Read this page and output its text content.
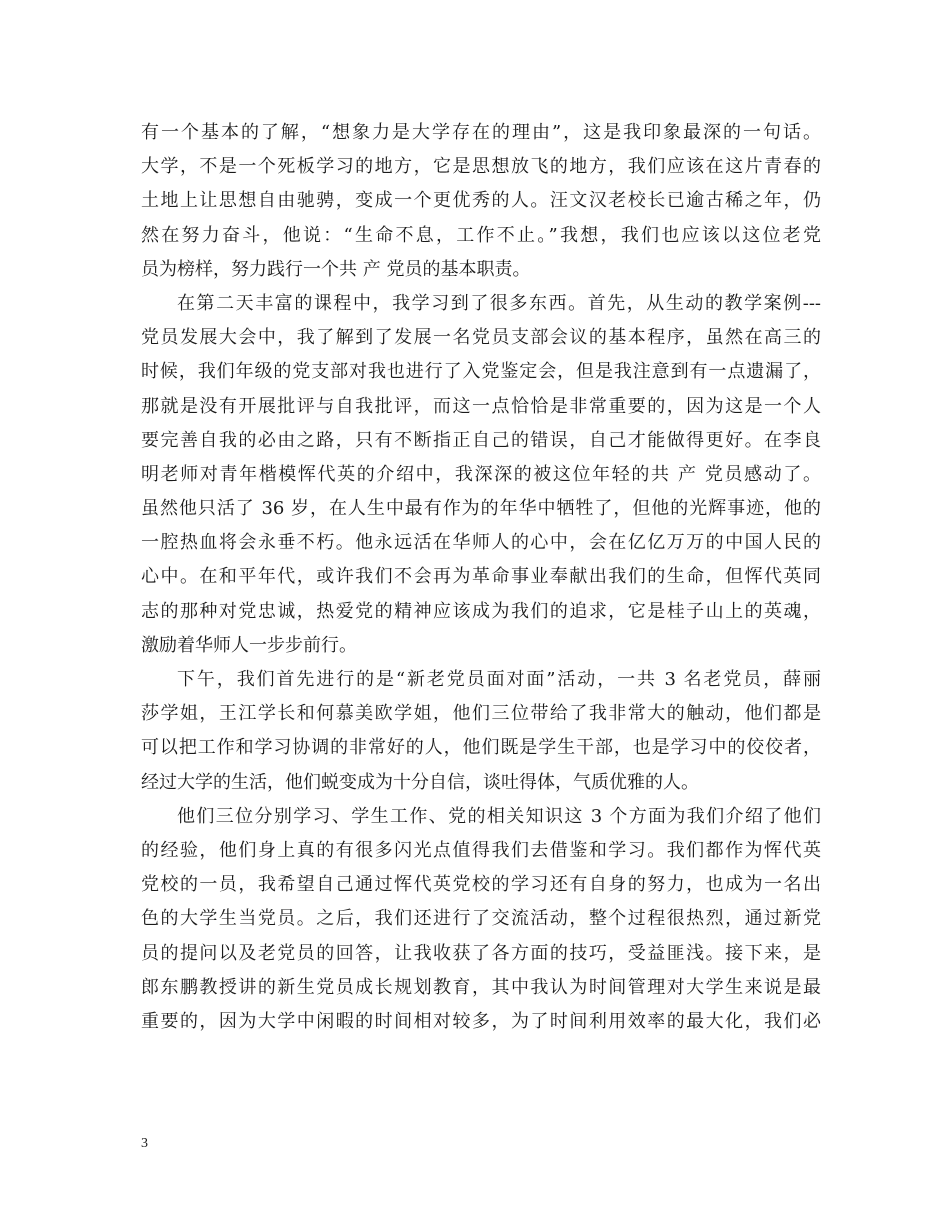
有一个基本的了解，“想象力是大学存在的理由”，这是我印象最深的一句话。
大学，不是一个死板学习的地方，它是思想放飞的地方，我们应该在这片青春的
土地上让思想自由驰骋，变成一个更优秀的人。汪文汉老校长已逾古稀之年，仍
然在努力奋斗，他说：“生命不息，工作不止。”我想，我们也应该以这位老党
员为榜样，努力践行一个共 产 党员的基本职责。
在第二天丰富的课程中，我学习到了很多东西。首先，从生动的教学案例---
党员发展大会中，我了解到了发展一名党员支部会议的基本程序，虽然在高三的
时候，我们年级的党支部对我也进行了入党鉴定会，但是我注意到有一点遗漏了，
那就是没有开展批评与自我批评，而这一点恰恰是非常重要的，因为这是一个人
要完善自我的必由之路，只有不断指正自己的错误，自己才能做得更好。在李良
明老师对青年楷模恽代英的介绍中，我深深的被这位年轻的共 产 党员感动了。
虽然他只活了 36 岁，在人生中最有作为的年华中牺牲了，但他的光辉事迹，他的
一腔热血将会永垂不朽。他永远活在华师人的心中，会在亿亿万万的中国人民的
心中。在和平年代，或许我们不会再为革命事业奉献出我们的生命，但恽代英同
志的那种对党忠诚，热爱党的精神应该成为我们的追求，它是桂子山上的英魂，
激励着华师人一步步前行。
下午，我们首先进行的是“新老党员面对面”活动，一共 3 名老党员，薛丽
莎学姐，王江学长和何慕美欧学姐，他们三位带给了我非常大的触动，他们都是
可以把工作和学习协调的非常好的人，他们既是学生干部，也是学习中的佼佼者，
经过大学的生活，他们蜕变成为十分自信，谈吐得体，气质优雅的人。
他们三位分别学习、学生工作、党的相关知识这 3 个方面为我们介绍了他们
的经验，他们身上真的有很多闪光点值得我们去借鉴和学习。我们都作为恽代英
党校的一员，我希望自己通过恽代英党校的学习还有自身的努力，也成为一名出
色的大学生当党员。之后，我们还进行了交流活动，整个过程很热烈，通过新党
员的提问以及老党员的回答，让我收获了各方面的技巧，受益匪浅。接下来，是
郎东鹏教授讲的新生党员成长规划教育，其中我认为时间管理对大学生来说是最
重要的，因为大学中闲暇的时间相对较多，为了时间利用效率的最大化，我们必
3
